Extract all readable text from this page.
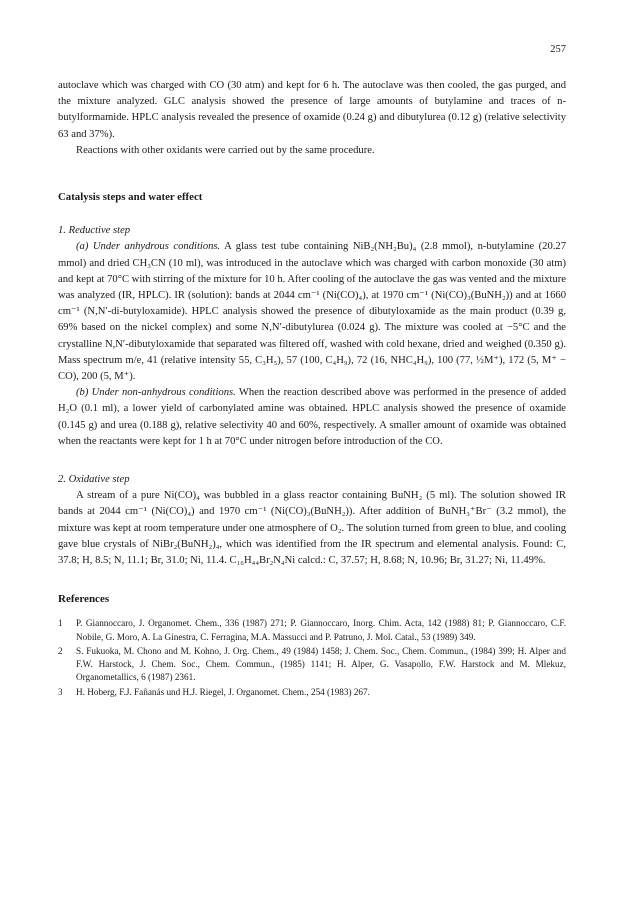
257

autoclave which was charged with CO (30 atm) and kept for 6 h. The autoclave was then cooled, the gas purged, and the mixture analyzed. GLC analysis showed the presence of large amounts of butylamine and traces of n-butylformamide. HPLC analysis revealed the presence of oxamide (0.24 g) and dibutylurea (0.12 g) (relative selectivity 63 and 37%).

Reactions with other oxidants were carried out by the same procedure.

Catalysis steps and water effect

1. Reductive step

(a) Under anhydrous conditions. A glass test tube containing NiB₂(NH₂Bu)₄ (2.8 mmol), n-butylamine (20.27 mmol) and dried CH₃CN (10 ml), was introduced in the autoclave which was charged with carbon monoxide (30 atm) and kept at 70°C with stirring of the mixture for 10 h. After cooling of the autoclave the gas was vented and the mixture was analyzed (IR, HPLC). IR (solution): bands at 2044 cm⁻¹ (Ni(CO)₄), at 1970 cm⁻¹ (Ni(CO)₃(BuNH₂)) and at 1660 cm⁻¹ (N,N′-di-butyloxamide). HPLC analysis showed the presence of dibutyloxamide as the main product (0.39 g, 69% based on the nickel complex) and some N,N′-dibutylurea (0.024 g). The mixture was cooled at −5°C and the crystalline N,N′-dibutyloxamide that separated was filtered off, washed with cold hexane, dried and weighed (0.350 g). Mass spectrum m/e, 41 (relative intensity 55, C₃H₅), 57 (100, C₄H₉), 72 (16, NHC₄H₉), 100 (77, ½M⁺), 172 (5, M⁺ − CO), 200 (5, M⁺).

(b) Under non-anhydrous conditions. When the reaction described above was performed in the presence of added H₂O (0.1 ml), a lower yield of carbonylated amine was obtained. HPLC analysis showed the presence of oxamide (0.145 g) and urea (0.188 g), relative selectivity 40 and 60%, respectively. A smaller amount of oxamide was obtained when the reactants were kept for 1 h at 70°C under nitrogen before introduction of the CO.

2. Oxidative step

A stream of a pure Ni(CO)₄ was bubbled in a glass reactor containing BuNH₂ (5 ml). The solution showed IR bands at 2044 cm⁻¹ (Ni(CO)₄) and 1970 cm⁻¹ (Ni(CO)₃(BuNH₂)). After addition of BuNH₃⁺Br⁻ (3.2 mmol), the mixture was kept at room temperature under one atmosphere of O₂. The solution turned from green to blue, and cooling gave blue crystals of NiBr₂(BuNH₂)₄, which was identified from the IR spectrum and elemental analysis. Found: C, 37.8; H, 8.5; N, 11.1; Br, 31.0; Ni, 11.4. C₁₆H₄₄Br₂N₄Ni calcd.: C, 37.57; H, 8.68; N, 10.96; Br, 31.27; Ni, 11.49%.

References

1	P. Giannoccaro, J. Organomet. Chem., 336 (1987) 271; P. Giannoccaro, Inorg. Chim. Acta, 142 (1988) 81; P. Giannoccaro, C.F. Nobile, G. Moro, A. La Ginestra, C. Ferragina, M.A. Massucci and P. Patruno, J. Mol. Catal., 53 (1989) 349.
2	S. Fukuoka, M. Chono and M. Kohno, J. Org. Chem., 49 (1984) 1458; J. Chem. Soc., Chem. Commun., (1984) 399; H. Alper and F.W. Harstock, J. Chem. Soc., Chem. Commun., (1985) 1141; H. Alper, G. Vasapollo, F.W. Harstock and M. Mlekuz, Organometallics, 6 (1987) 2361.
3	H. Hoberg, F.J. Fañanás und H.J. Riegel, J. Organomet. Chem., 254 (1983) 267.
